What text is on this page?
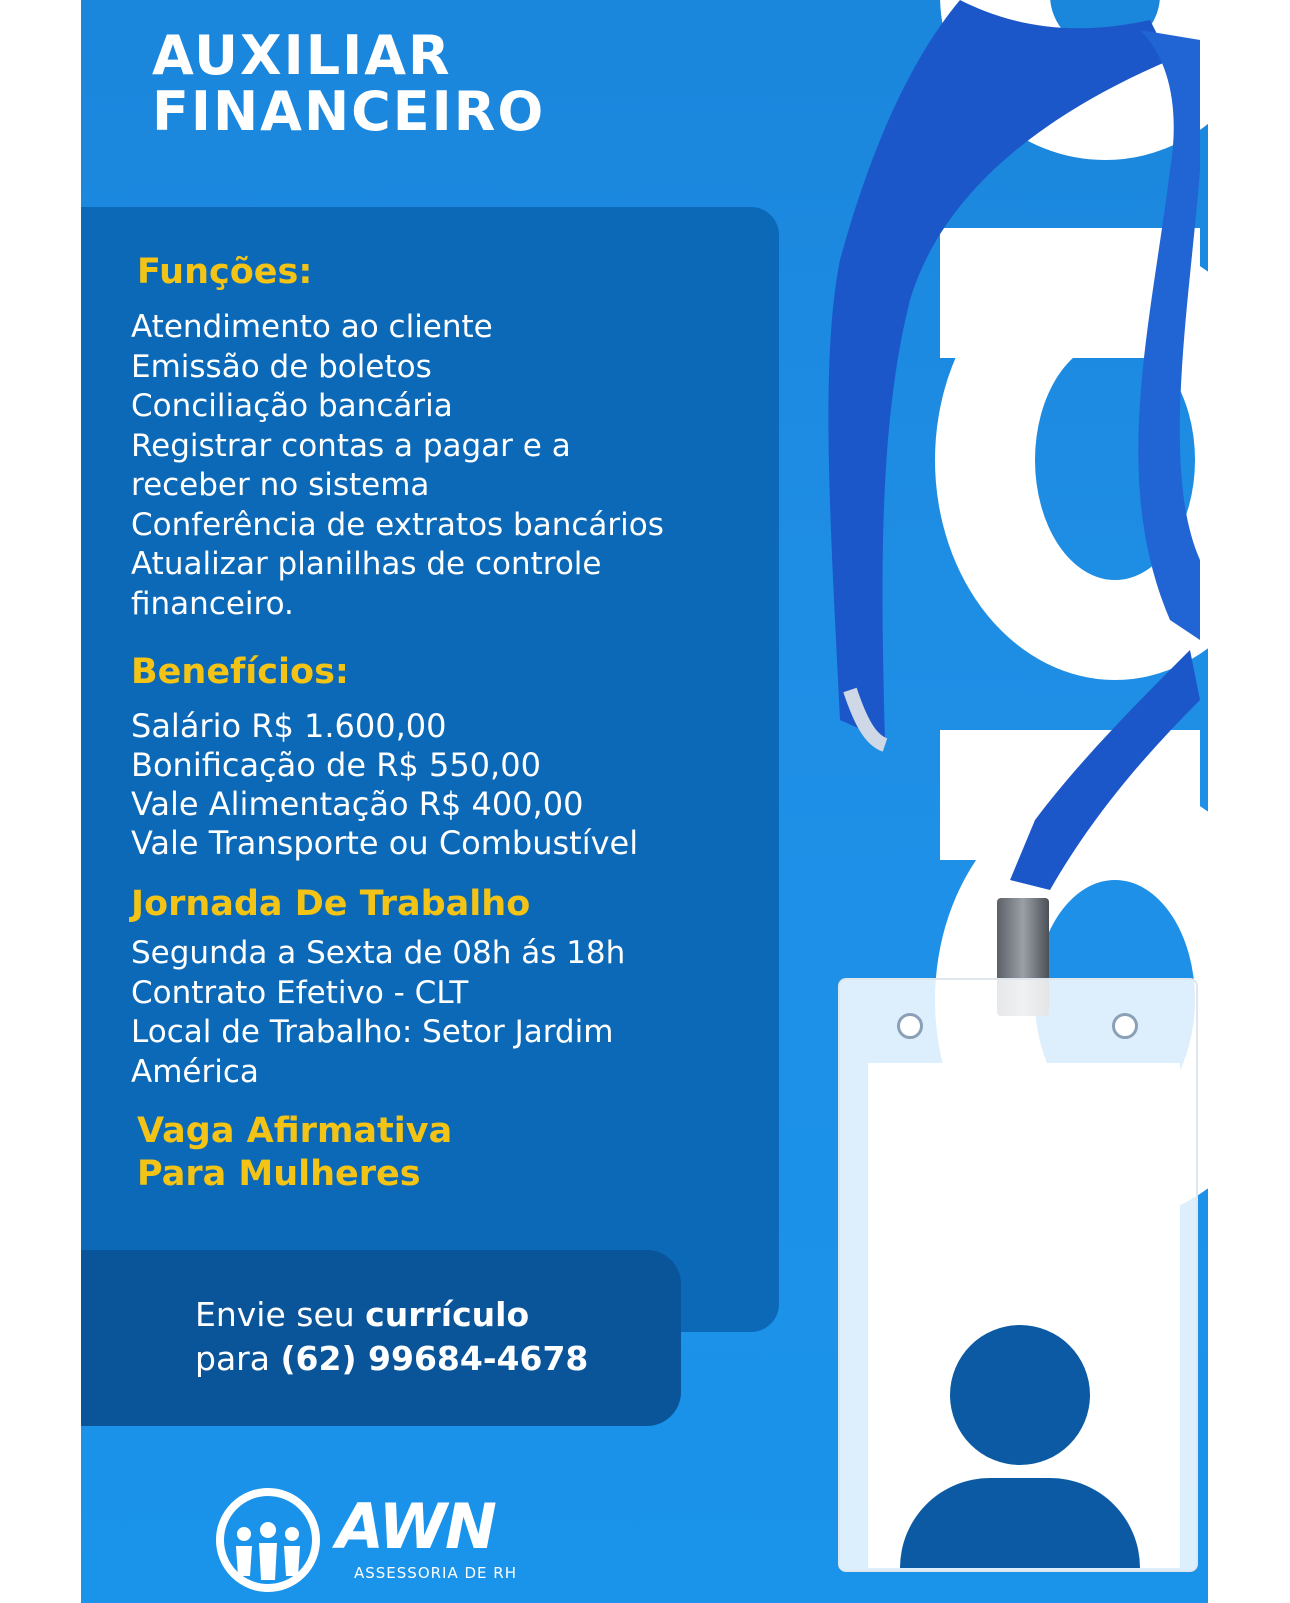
AUXILIAR
FINANCEIRO
Funções:
Atendimento ao cliente
Emissão de boletos
Conciliação bancária
Registrar contas a pagar e a
receber no sistema
Conferência de extratos bancários
Atualizar planilhas de controle
financeiro.
Benefícios:
Salário R$ 1.600,00
Bonificação de R$ 550,00
Vale Alimentação R$ 400,00
Vale Transporte ou Combustível
Jornada De Trabalho
Segunda a Sexta de 08h ás 18h
Contrato Efetivo - CLT
Local de Trabalho: Setor Jardim
América
Vaga Afirmativa
Para Mulheres
Envie seu currículo
para (62) 99684-4678
AWN
ASSESSORIA DE RH
